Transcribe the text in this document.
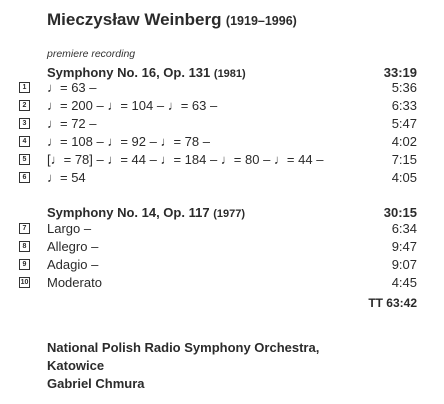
Mieczysław Weinberg (1919–1996)
premiere recording
Symphony No. 16, Op. 131 (1981)	33:19
1 ♩= 63 –	5:36
2 ♩= 200 – ♩= 104 – ♩= 63 –	6:33
3 ♩= 72 –	5:47
4 ♩= 108 – ♩= 92 – ♩= 78 –	4:02
5 [♩= 78] – ♩= 44 – ♩= 184 – ♩= 80 – ♩= 44 –	7:15
6 ♩= 54	4:05
Symphony No. 14, Op. 117 (1977)	30:15
7 Largo –	6:34
8 Allegro –	9:47
9 Adagio –	9:07
10 Moderato	4:45
TT 63:42
National Polish Radio Symphony Orchestra,
Katowice
Gabriel Chmura
